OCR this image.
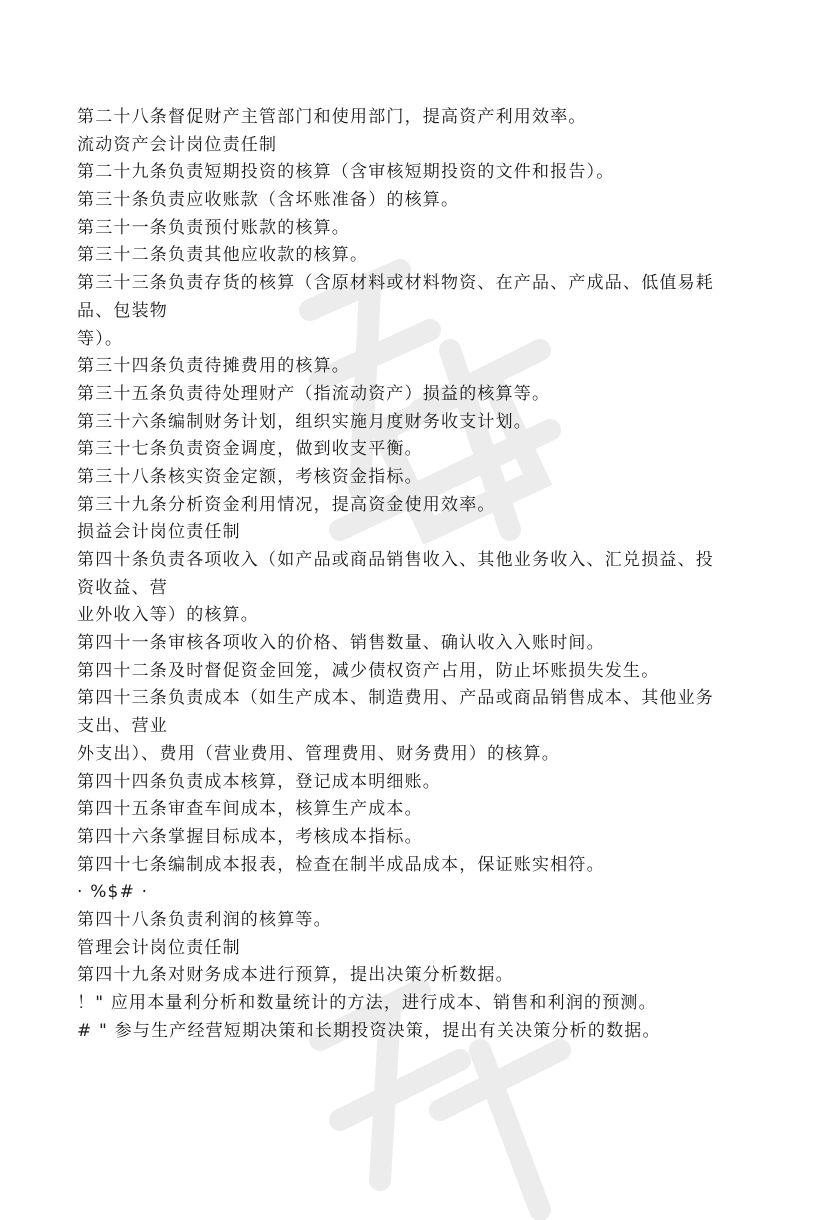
第二十八条督促财产主管部门和使用部门，提高资产利用效率。
流动资产会计岗位责任制
第二十九条负责短期投资的核算（含审核短期投资的文件和报告）。
第三十条负责应收账款（含坏账准备）的核算。
第三十一条负责预付账款的核算。
第三十二条负责其他应收款的核算。
第三十三条负责存货的核算（含原材料或材料物资、在产品、产成品、低值易耗
品、包装物
等）。
第三十四条负责待摊费用的核算。
第三十五条负责待处理财产（指流动资产）损益的核算等。
第三十六条编制财务计划，组织实施月度财务收支计划。
第三十七条负责资金调度，做到收支平衡。
第三十八条核实资金定额，考核资金指标。
第三十九条分析资金利用情况，提高资金使用效率。
损益会计岗位责任制
第四十条负责各项收入（如产品或商品销售收入、其他业务收入、汇兑损益、投
资收益、营
业外收入等）的核算。
第四十一条审核各项收入的价格、销售数量、确认收入入账时间。
第四十二条及时督促资金回笼，减少债权资产占用，防止坏账损失发生。
第四十三条负责成本（如生产成本、制造费用、产品或商品销售成本、其他业务
支出、营业
外支出）、费用（营业费用、管理费用、财务费用）的核算。
第四十四条负责成本核算，登记成本明细账。
第四十五条审查车间成本，核算生产成本。
第四十六条掌握目标成本，考核成本指标。
第四十七条编制成本报表，检查在制半成品成本，保证账实相符。
· %$# ·
第四十八条负责利润的核算等。
管理会计岗位责任制
第四十九条对财务成本进行预算，提出决策分析数据。
！" 应用本量利分析和数量统计的方法，进行成本、销售和利润的预测。
# " 参与生产经营短期决策和长期投资决策，提出有关决策分析的数据。
